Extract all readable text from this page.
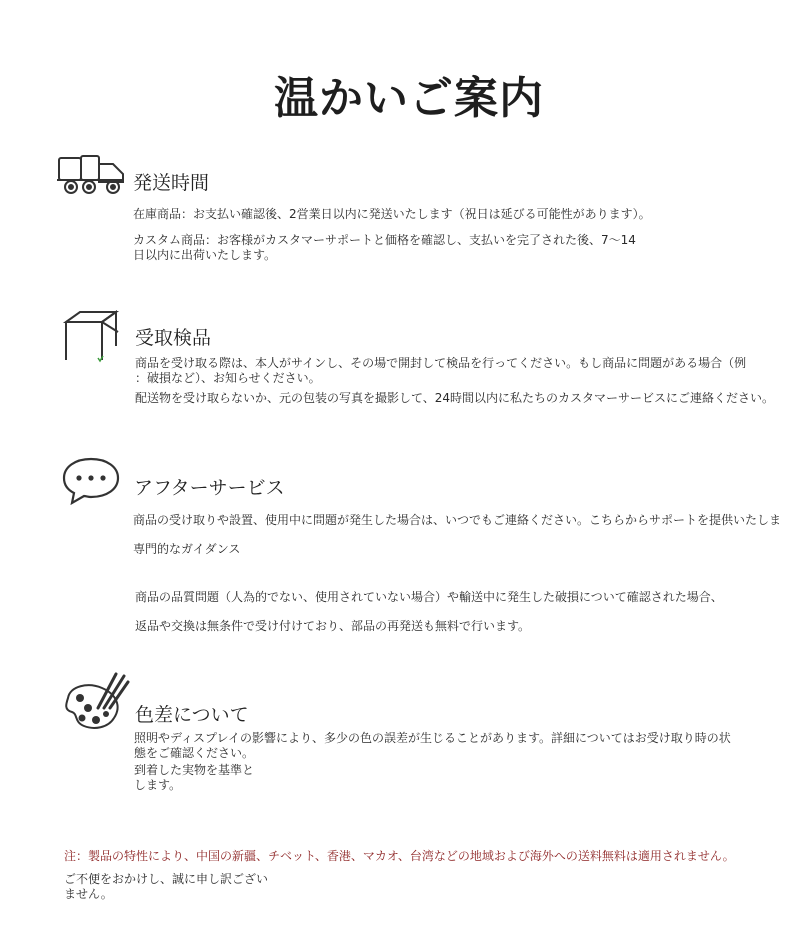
温かいご案内
発送時間
在庫商品：お支払い確認後、2営業日以内に発送いたします（祝日は延びる可能性があります）。
カスタム商品：お客様がカスタマーサポートと価格を確認し、支払いを完了された後、7〜14
日以内に出荷いたします。
受取検品
商品を受け取る際は、本人がサインし、その場で開封して検品を行ってください。もし商品に問題がある場合（例
：破損など）、お知らせください。
配送物を受け取らないか、元の包装の写真を撮影して、24時間以内に私たちのカスタマーサービスにご連絡ください。
アフターサービス
商品の受け取りや設置、使用中に問題が発生した場合は、いつでもご連絡ください。こちらからサポートを提供いたしま
専門的なガイダンス
商品の品質問題（人為的でない、使用されていない場合）や輸送中に発生した破損について確認された場合、
返品や交換は無条件で受け付けており、部品の再発送も無料で行います。
色差について
照明やディスプレイの影響により、多少の色の誤差が生じることがあります。詳細についてはお受け取り時の状
態をご確認ください。
到着した実物を基準と
します。
注：製品の特性により、中国の新疆、チベット、香港、マカオ、台湾などの地域および海外への送料無料は適用されません。
ご不便をおかけし、誠に申し訳ござい
ません。
